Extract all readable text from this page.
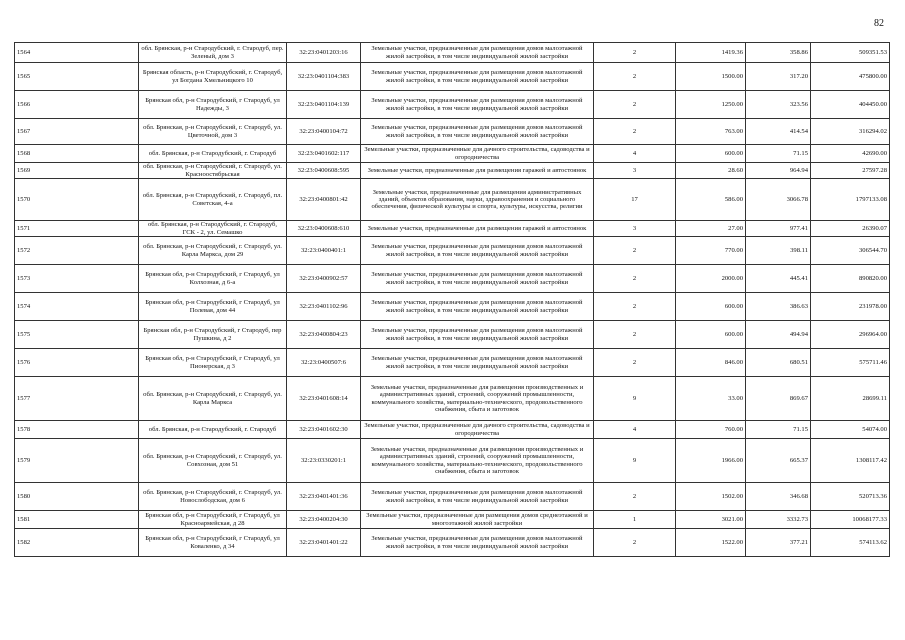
82
1564	обл. Брянская, р-н Стародубский, г. Стародуб, пер. Зеленый, дом 3	32:23:0401203:16	Земельные участки, предназначенные для размещения домов малоэтажной жилой застройки, в том числе индивидуальной жилой застройки	2	1419.36	358.86	509351.53
1565	Брянская область, р-н Стародубский, г. Стародуб, ул Богдана Хмельницкого 10	32:23:0401104:383	Земельные участки, предназначенные для размещения домов малоэтажной жилой застройки, в том числе индивидуальной жилой застройки	2	1500.00	317.20	475800.00
1566	Брянская обл, р-н Стародубский, г Стародуб, ул Надежды, 3	32:23:0401104:139	Земельные участки, предназначенные для размещения домов малоэтажной жилой застройки, в том числе индивидуальной жилой застройки	2	1250.00	323.56	404450.00
1567	обл. Брянская, р-н Стародубский, г. Стародуб, ул. Цветочной, дом 3	32:23:0400104:72	Земельные участки, предназначенные для размещения домов малоэтажной жилой застройки, в том числе индивидуальной жилой застройки	2	763.00	414.54	316294.02
1568	обл. Брянская, р-н Стародубский, г. Стародуб	32:23:0401602:117	Земельные участки, предназначенные для дачного строительства, садоводства и огородничества	4	600.00	71.15	42690.00
1569	обл. Брянская, р-н Стародубский, г. Стародуб, ул. Красноостябрьская	32:23:0400608:595	Земельные участки, предназначенные для размещения гаражей и автостоянок	3	28.60	964.94	27597.28
1570	обл. Брянская, р-н Стародубский, г. Стародуб, пл. Советская, 4-а	32:23:0400801:42	Земельные участки, предназначенные для размещения административных зданий, объектов образования, науки, здравоохранения и социального обеспечения, физической культуры и спорта, культуры, искусства, религии	17	586.00	3066.78	1797133.08
1571	обл. Брянская, р-н Стародубский, г. Стародуб, ГСК - 2, ул. Семашко	32:23:0400608:610	Земельные участки, предназначенные для размещения гаражей и автостоянок	3	27.00	977.41	26390.07
1572	обл. Брянская, р-н Стародубский, г. Стародуб, ул. Карла Маркса, дом 29	32:23:0400401:1	Земельные участки, предназначенные для размещения домов малоэтажной жилой застройки, в том числе индивидуальной жилой застройки	2	770.00	398.11	306544.70
1573	Брянская обл, р-н Стародубский, г Стародуб, ул Колхозная, д 6-а	32:23:0400902:57	Земельные участки, предназначенные для размещения домов малоэтажной жилой застройки, в том числе индивидуальной жилой застройки	2	2000.00	445.41	890820.00
1574	Брянская обл, р-н Стародубский, г Стародуб, ул Полевая, дом 44	32:23:0401102:96	Земельные участки, предназначенные для размещения домов малоэтажной жилой застройки, в том числе индивидуальной жилой застройки	2	600.00	386.63	231978.00
1575	Брянская обл, р-н Стародубский, г Стародуб, пер Пушкина, д 2	32:23:0400804:23	Земельные участки, предназначенные для размещения домов малоэтажной жилой застройки, в том числе индивидуальной жилой застройки	2	600.00	494.94	296964.00
1576	Брянская обл, р-н Стародубский, г Стародуб, ул Пионерская, д 3	32:23:0400507:6	Земельные участки, предназначенные для размещения домов малоэтажной жилой застройки, в том числе индивидуальной жилой застройки	2	846.00	680.51	575711.46
1577	обл. Брянская, р-н Стародубский, г. Стародуб, ул. Карла Маркса	32:23:0401608:14	Земельные участки, предназначенные для размещения производственных и административных зданий, строений, сооружений промышленности, коммунального хозяйства, материально-технического, продовольственного снабжения, сбыта и заготовок	9	33.00	869.67	28699.11
1578	обл. Брянская, р-н Стародубский, г. Стародуб	32:23:0401602:30	Земельные участки, предназначенные для дачного строительства, садоводства и огородничества	4	760.00	71.15	54074.00
1579	обл. Брянская, р-н Стародубский, г. Стародуб, ул. Совхозная, дом 51	32:23:0330201:1	Земельные участки, предназначенные для размещения производственных и административных зданий, строений, сооружений промышленности, коммунального хозяйства, материально-технического, продовольственного снабжения, сбыта и заготовок	9	1966.00	665.37	1308117.42
1580	обл. Брянская, р-н Стародубский, г. Стародуб, ул. Новослободская, дом 6	32:23:0401401:36	Земельные участки, предназначенные для размещения домов малоэтажной жилой застройки, в том числе индивидуальной жилой застройки	2	1502.00	346.68	520713.36
1581	Брянская обл, р-н Стародубский, г Стародуб, ул Красноармейская, д 28	32:23:0400204:30	Земельные участки, предназначенные для размещения домов среднеэтажной и многоэтажной жилой застройки	1	3021.00	3332.73	10068177.33
1582	Брянская обл, р-н Стародубский, г Стародуб, ул Коваленко, д 34	32:23:0401401:22	Земельные участки, предназначенные для размещения домов малоэтажной жилой застройки, в том числе индивидуальной жилой застройки	2	1522.00	377.21	574113.62
